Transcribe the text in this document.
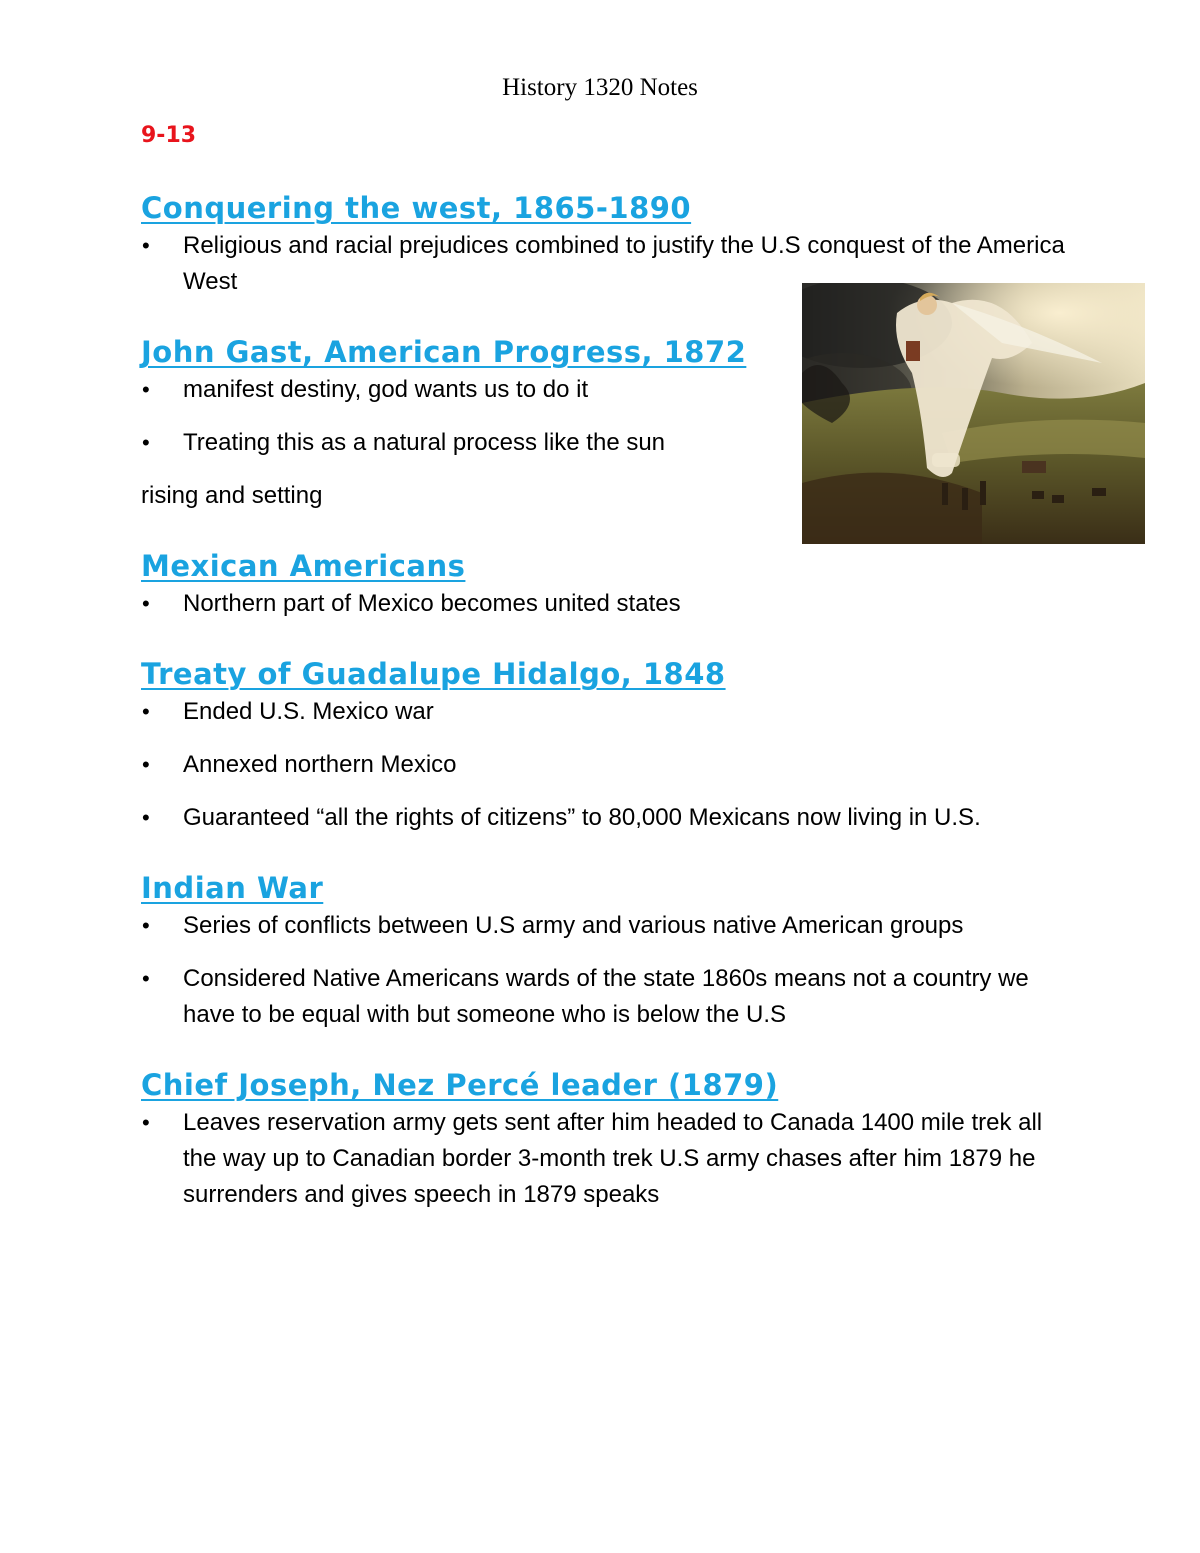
History 1320 Notes
9-13
Conquering the west, 1865-1890
• Religious and racial prejudices combined to justify the U.S conquest of the America West
John Gast, American Progress, 1872
• manifest destiny, god wants us to do it
• Treating this as a natural process like the sun
rising and setting
Mexican Americans
• Northern part of Mexico becomes united states
Treaty of Guadalupe Hidalgo, 1848
• Ended U.S. Mexico war
• Annexed northern Mexico
• Guaranteed “all the rights of citizens” to 80,000 Mexicans now living in U.S.
Indian War
• Series of conflicts between U.S army and various native American groups
• Considered Native Americans wards of the state 1860s means not a country we have to be equal with but someone who is below the U.S
Chief Joseph, Nez Percé leader (1879)
• Leaves reservation army gets sent after him headed to Canada 1400 mile trek all the way up to Canadian border 3-month trek U.S army chases after him 1879 he surrenders and gives speech in 1879 speaks
